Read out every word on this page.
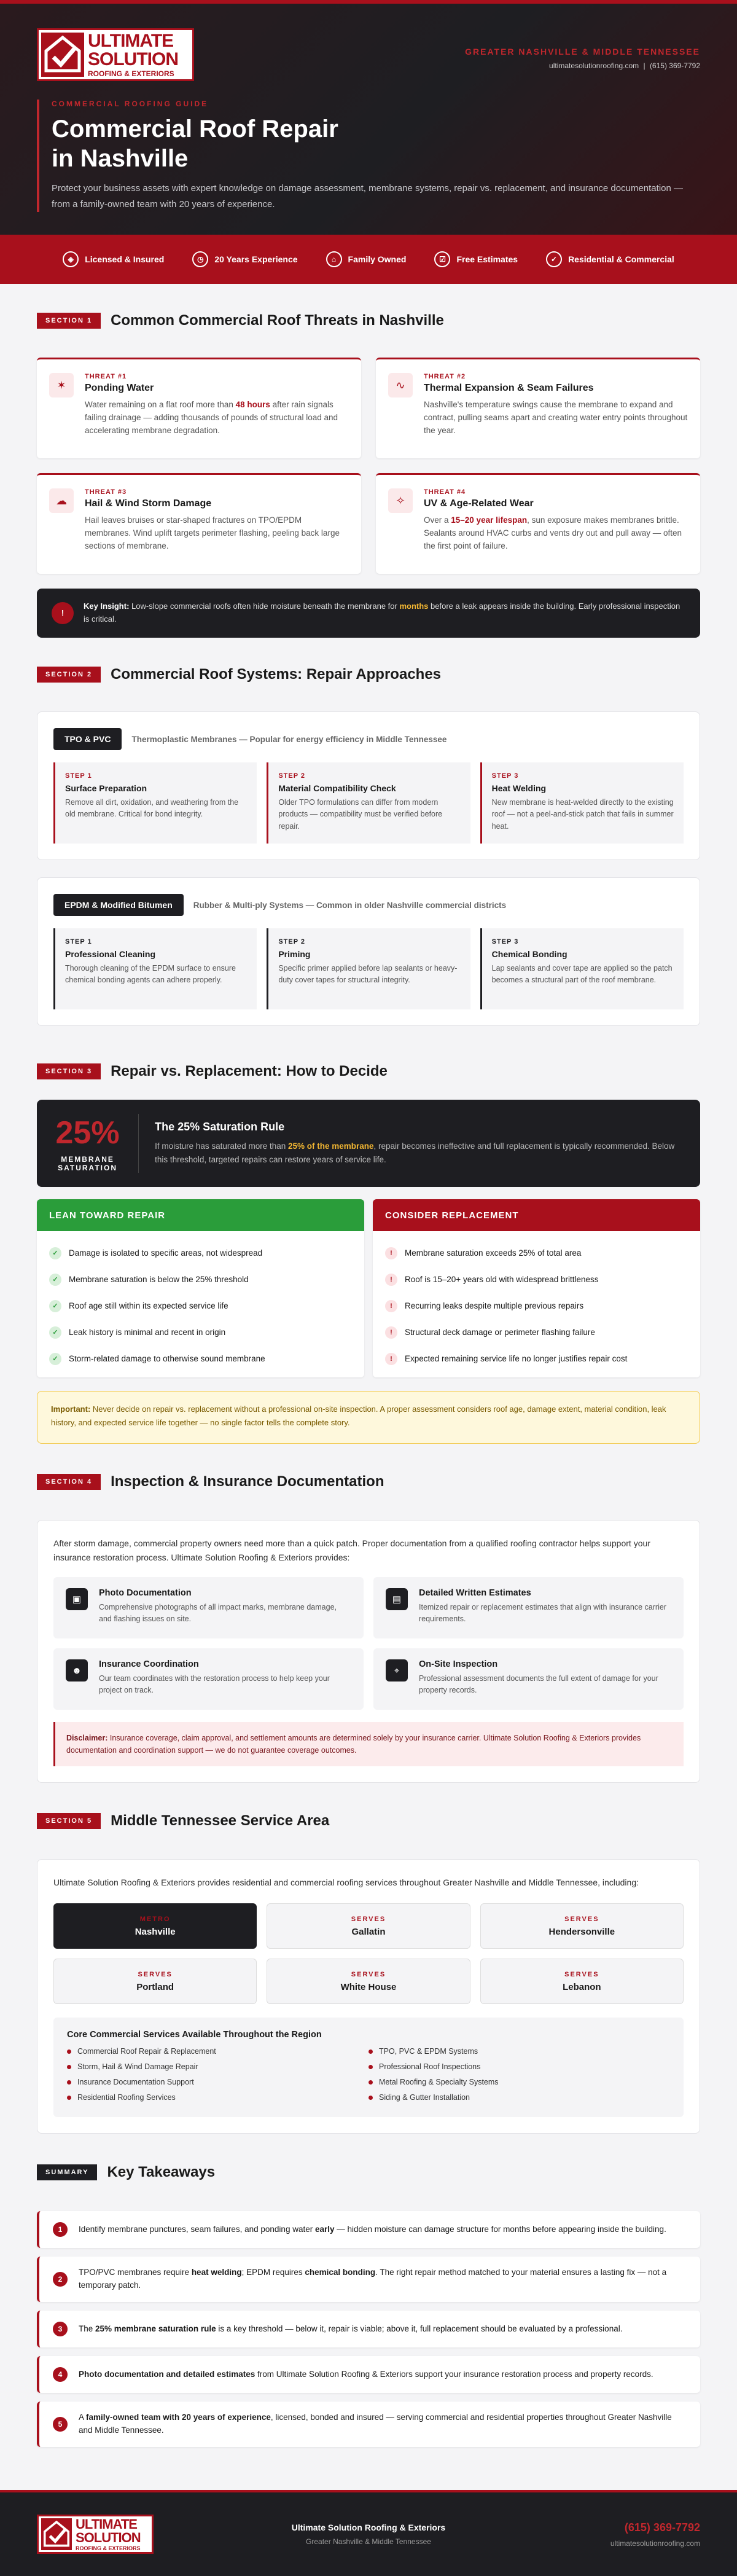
ULTIMATE
SOLUTION
ROOFING & EXTERIORS
GREATER NASHVILLE & MIDDLE TENNESSEE
ultimatesolutionroofing.com | (615) 369-7792
COMMERCIAL ROOFING GUIDE
Commercial Roof Repair
in Nashville

Protect your business assets with expert knowledge on damage assessment, membrane systems, repair vs. replacement, and insurance documentation — from a family-owned team with 20 years of experience.

◈	Licensed & Insured	◷	20 Years Experience	⌂	Family Owned	☑	Free Estimates	✓	Residential & Commercial
SECTION 1	Common Commercial Roof Threats in Nashville
✶
THREAT #1
Ponding Water
Water remaining on a flat roof more than 48 hours after rain signals failing drainage — adding thousands of pounds of structural load and accelerating membrane degradation.
∿
THREAT #2
Thermal Expansion & Seam Failures
Nashville's temperature swings cause the membrane to expand and contract, pulling seams apart and creating water entry points throughout the year.
☁
THREAT #3
Hail & Wind Storm Damage
Hail leaves bruises or star-shaped fractures on TPO/EPDM membranes. Wind uplift targets perimeter flashing, peeling back large sections of membrane.
✧
THREAT #4
UV & Age-Related Wear
Over a 15–20 year lifespan, sun exposure makes membranes brittle. Sealants around HVAC curbs and vents dry out and pull away — often the first point of failure.
!
Key Insight: Low-slope commercial roofs often hide moisture beneath the membrane for months before a leak appears inside the building. Early professional inspection is critical.
SECTION 2	Commercial Roof Systems: Repair Approaches
TPO & PVC	Thermoplastic Membranes — Popular for energy efficiency in Middle Tennessee
STEP 1
Surface Preparation
Remove all dirt, oxidation, and weathering from the old membrane. Critical for bond integrity.
STEP 2
Material Compatibility Check
Older TPO formulations can differ from modern products — compatibility must be verified before repair.
STEP 3
Heat Welding
New membrane is heat-welded directly to the existing roof — not a peel-and-stick patch that fails in summer heat.
EPDM & Modified Bitumen	Rubber & Multi-ply Systems — Common in older Nashville commercial districts
STEP 1
Professional Cleaning
Thorough cleaning of the EPDM surface to ensure chemical bonding agents can adhere properly.
STEP 2
Priming
Specific primer applied before lap sealants or heavy-duty cover tapes for structural integrity.
STEP 3
Chemical Bonding
Lap sealants and cover tape are applied so the patch becomes a structural part of the roof membrane.
SECTION 3	Repair vs. Replacement: How to Decide
25%
MEMBRANE SATURATION
The 25% Saturation Rule

If moisture has saturated more than 25% of the membrane, repair becomes ineffective and full replacement is typically recommended. Below this threshold, targeted repairs can restore years of service life.

LEAN TOWARD REPAIR
✓	Damage is isolated to specific areas, not widespread
✓	Membrane saturation is below the 25% threshold
✓	Roof age still within its expected service life
✓	Leak history is minimal and recent in origin
✓	Storm-related damage to otherwise sound membrane
CONSIDER REPLACEMENT
!	Membrane saturation exceeds 25% of total area
!	Roof is 15–20+ years old with widespread brittleness
!	Recurring leaks despite multiple previous repairs
!	Structural deck damage or perimeter flashing failure
!	Expected remaining service life no longer justifies repair cost
Important: Never decide on repair vs. replacement without a professional on-site inspection. A proper assessment considers roof age, damage extent, material condition, leak history, and expected service life together — no single factor tells the complete story.
SECTION 4	Inspection & Insurance Documentation

After storm damage, commercial property owners need more than a quick patch. Proper documentation from a qualified roofing contractor helps support your insurance restoration process. Ultimate Solution Roofing & Exteriors provides:

▣
Photo Documentation
Comprehensive photographs of all impact marks, membrane damage, and flashing issues on site.
▤
Detailed Written Estimates
Itemized repair or replacement estimates that align with insurance carrier requirements.
☻
Insurance Coordination
Our team coordinates with the restoration process to help keep your project on track.
⌖
On-Site Inspection
Professional assessment documents the full extent of damage for your property records.
Disclaimer: Insurance coverage, claim approval, and settlement amounts are determined solely by your insurance carrier. Ultimate Solution Roofing & Exteriors provides documentation and coordination support — we do not guarantee coverage outcomes.
SECTION 5	Middle Tennessee Service Area

Ultimate Solution Roofing & Exteriors provides residential and commercial roofing services throughout Greater Nashville and Middle Tennessee, including:

METRO
Nashville
SERVES
Gallatin
SERVES
Hendersonville
SERVES
Portland
SERVES
White House
SERVES
Lebanon
Core Commercial Services Available Throughout the Region
Commercial Roof Repair & Replacement	TPO, PVC & EPDM Systems
Storm, Hail & Wind Damage Repair	Professional Roof Inspections
Insurance Documentation Support	Metal Roofing & Specialty Systems
Residential Roofing Services	Siding & Gutter Installation
SUMMARY	Key Takeaways
1	Identify membrane punctures, seam failures, and ponding water early — hidden moisture can damage structure for months before appearing inside the building.
2
TPO/PVC membranes require heat welding; EPDM requires chemical bonding. The right repair method matched to your material ensures a lasting fix — not a temporary patch.
3	The 25% membrane saturation rule is a key threshold — below it, repair is viable; above it, full replacement should be evaluated by a professional.
4	Photo documentation and detailed estimates from Ultimate Solution Roofing & Exteriors support your insurance restoration process and property records.
5
A family-owned team with 20 years of experience, licensed, bonded and insured — serving commercial and residential properties throughout Greater Nashville and Middle Tennessee.
ULTIMATE
SOLUTION
ROOFING & EXTERIORS
Ultimate Solution Roofing & Exteriors
Greater Nashville & Middle Tennessee
(615) 369-7792
ultimatesolutionroofing.com
